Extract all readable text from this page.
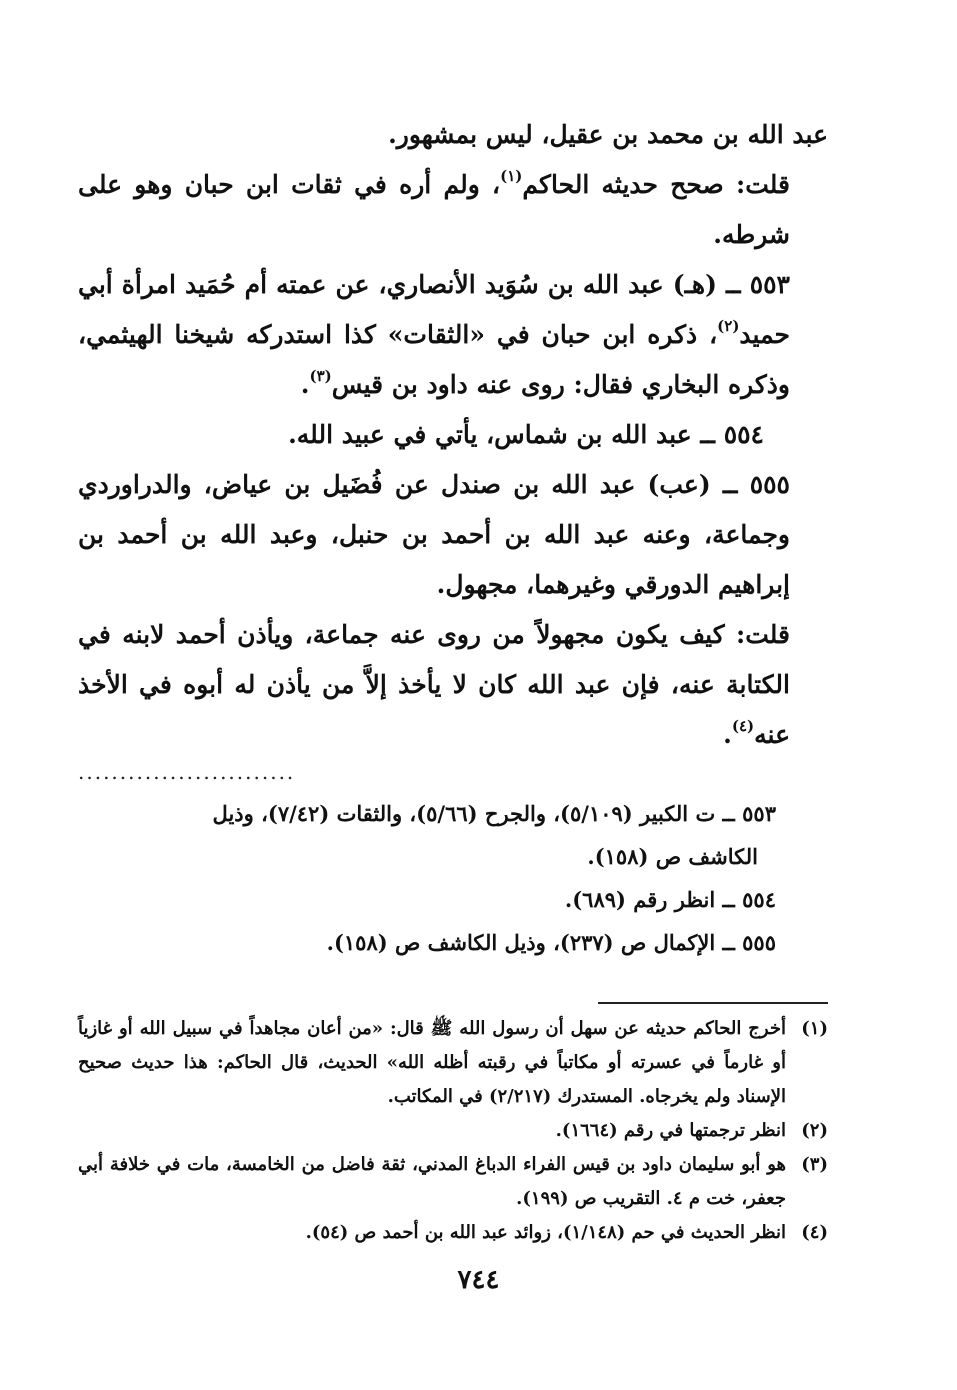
عبد الله بن محمد بن عقيل، ليس بمشهور.

قلت: صحح حديثه الحاكم$^{(١)}$، ولم أره في ثقات ابن حبان وهو على شرطه.

٥٥٣ ــ (هـ) عبد الله بن سُوَيد الأنصاري، عن عمته أم حُمَيد امرأة أبي حميد$^{(٢)}$، ذكره ابن حبان في «الثقات» كذا استدركه شيخنا الهيثمي، وذكره البخاري فقال: روى عنه داود بن قيس$^{(٣)}$.

٥٥٤ ــ عبد الله بن شماس، يأتي في عبيد الله.

٥٥٥ ــ (عب) عبد الله بن صندل عن فُضَيل بن عياض، والدراوردي وجماعة، وعنه عبد الله بن أحمد بن حنبل، وعبد الله بن أحمد بن إبراهيم الدورقي وغيرهما، مجهول.

قلت: كيف يكون مجهولاً من روى عنه جماعة، ويأذن أحمد لابنه في الكتابة عنه، فإن عبد الله كان لا يأخذ إلاَّ من يأذن له أبوه في الأخذ عنه$^{(٤)}$.

..........................

٥٥٣ ــ ت الكبير (٥/١٠٩)، والجرح (٥/٦٦)، والثقات (٧/٤٢)، وذيل

الكاشف ص (١٥٨).

٥٥٤ ــ انظر رقم (٦٨٩).

٥٥٥ ــ الإكمال ص (٢٣٧)، وذيل الكاشف ص (١٥٨).

(١)
أخرج الحاكم حديثه عن سهل أن رسول الله ﷺ قال: «من أعان مجاهداً في سبيل الله أو غازياً أو غارماً في عسرته أو مكاتباً في رقبته أظله الله» الحديث، قال الحاكم: هذا حديث صحيح الإسناد ولم يخرجاه. المستدرك (٢/٢١٧) في المكاتب.
(٢)
انظر ترجمتها في رقم (١٦٦٤).
(٣)
هو أبو سليمان داود بن قيس الفراء الدباغ المدني، ثقة فاضل من الخامسة، مات في خلافة أبي جعفر، خت م ٤. التقريب ص (١٩٩).
(٤)
انظر الحديث في حم (١/١٤٨)، زوائد عبد الله بن أحمد ص (٥٤).
٧٤٤
